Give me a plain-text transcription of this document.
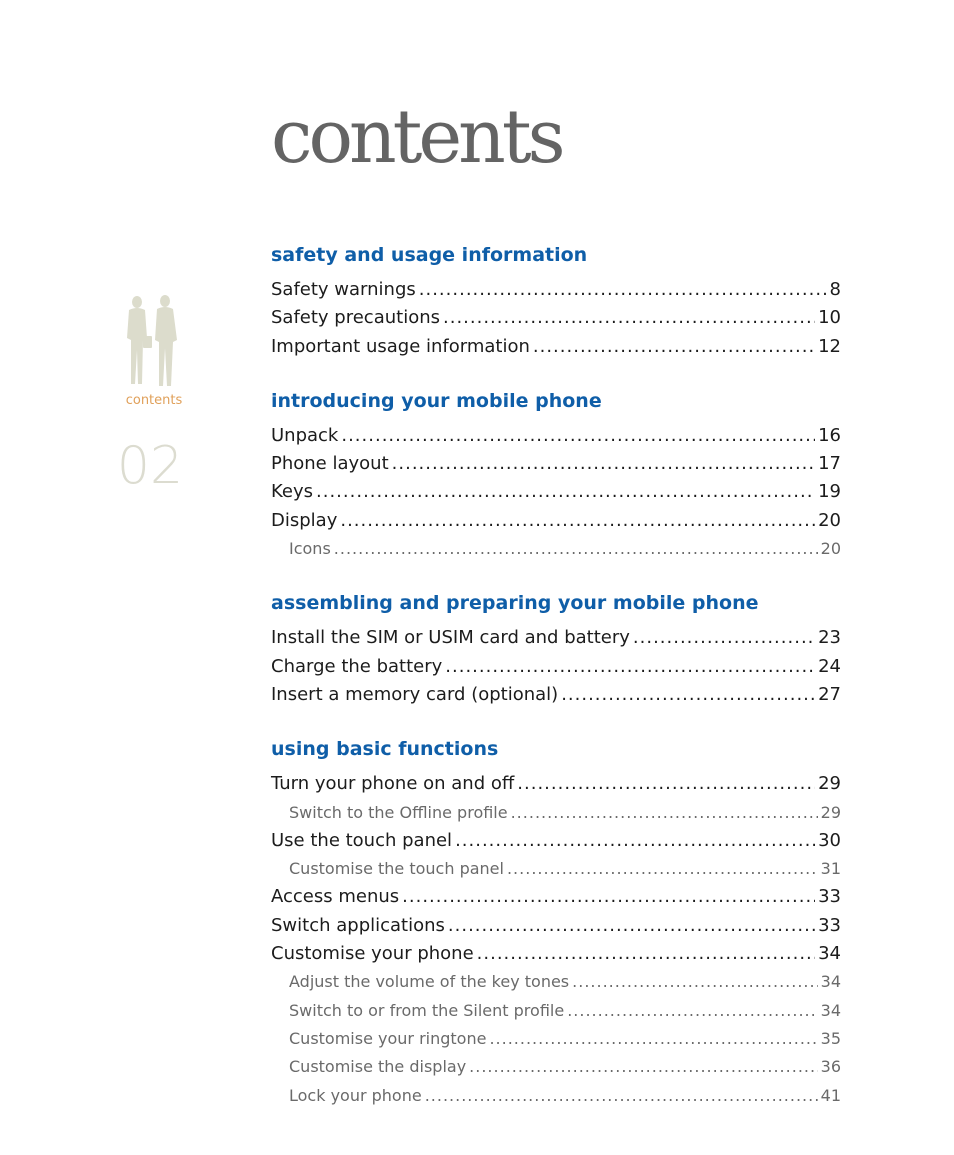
contents
contents
02
safety and usage information
Safety warnings .....	8
Safety precautions .....	10
Important usage information .....	12
introducing your mobile phone
Unpack .....	16
Phone layout .....	17
Keys .....	19
Display .....	20
Icons .....	20
assembling and preparing your mobile phone
Install the SIM or USIM card and battery .....	23
Charge the battery .....	24
Insert a memory card (optional) .....	27
using basic functions
Turn your phone on and off .....	29
Switch to the Offline profile .....	29
Use the touch panel .....	30
Customise the touch panel .....	31
Access menus .....	33
Switch applications .....	33
Customise your phone .....	34
Adjust the volume of the key tones .....	34
Switch to or from the Silent profile .....	34
Customise your ringtone .....	35
Customise the display .....	36
Lock your phone .....	41
